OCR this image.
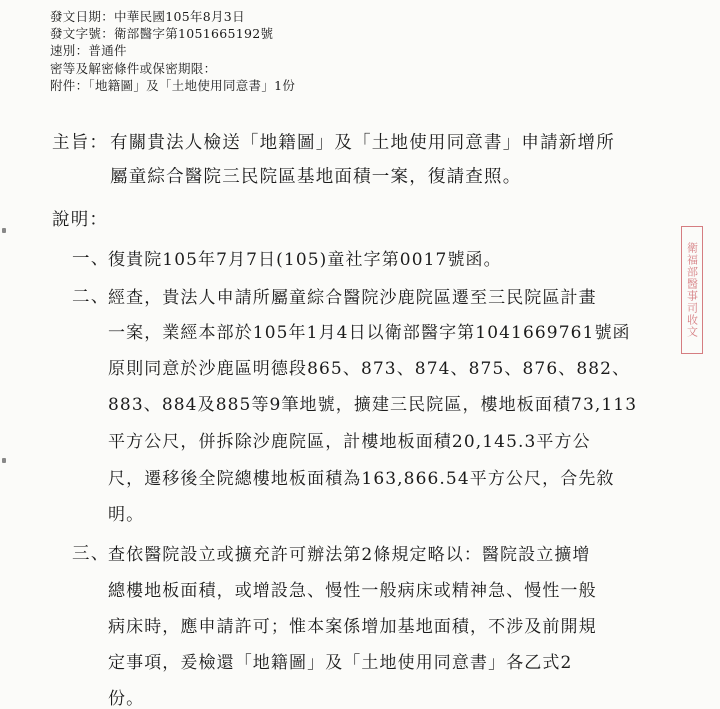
發文日期：中華民國105年8月3日
發文字號：衛部醫字第1051665192號
速別：普通件
密等及解密條件或保密期限：
附件：「地籍圖」及「土地使用同意書」1份
主旨： 有關貴法人檢送「地籍圖」及「土地使用同意書」申請新增所
屬童綜合醫院三民院區基地面積一案，復請查照。
說明：
一、
復貴院105年7月7日(105)童社字第0017號函。
二、
經查，貴法人申請所屬童綜合醫院沙鹿院區遷至三民院區計畫
一案，業經本部於105年1月4日以衛部醫字第1041669761號函
原則同意於沙鹿區明德段865、873、874、875、876、882、
883、884及885等9筆地號，擴建三民院區，樓地板面積73,113
平方公尺，併拆除沙鹿院區，計樓地板面積20,145.3平方公
尺，遷移後全院總樓地板面積為163,866.54平方公尺，合先敘
明。
三、
查依醫院設立或擴充許可辦法第2條規定略以：醫院設立擴增
總樓地板面積，或增設急、慢性一般病床或精神急、慢性一般
病床時，應申請許可；惟本案係增加基地面積，不涉及前開規
定事項，爰檢還「地籍圖」及「土地使用同意書」各乙式2
份。
衛福部醫事司收文
